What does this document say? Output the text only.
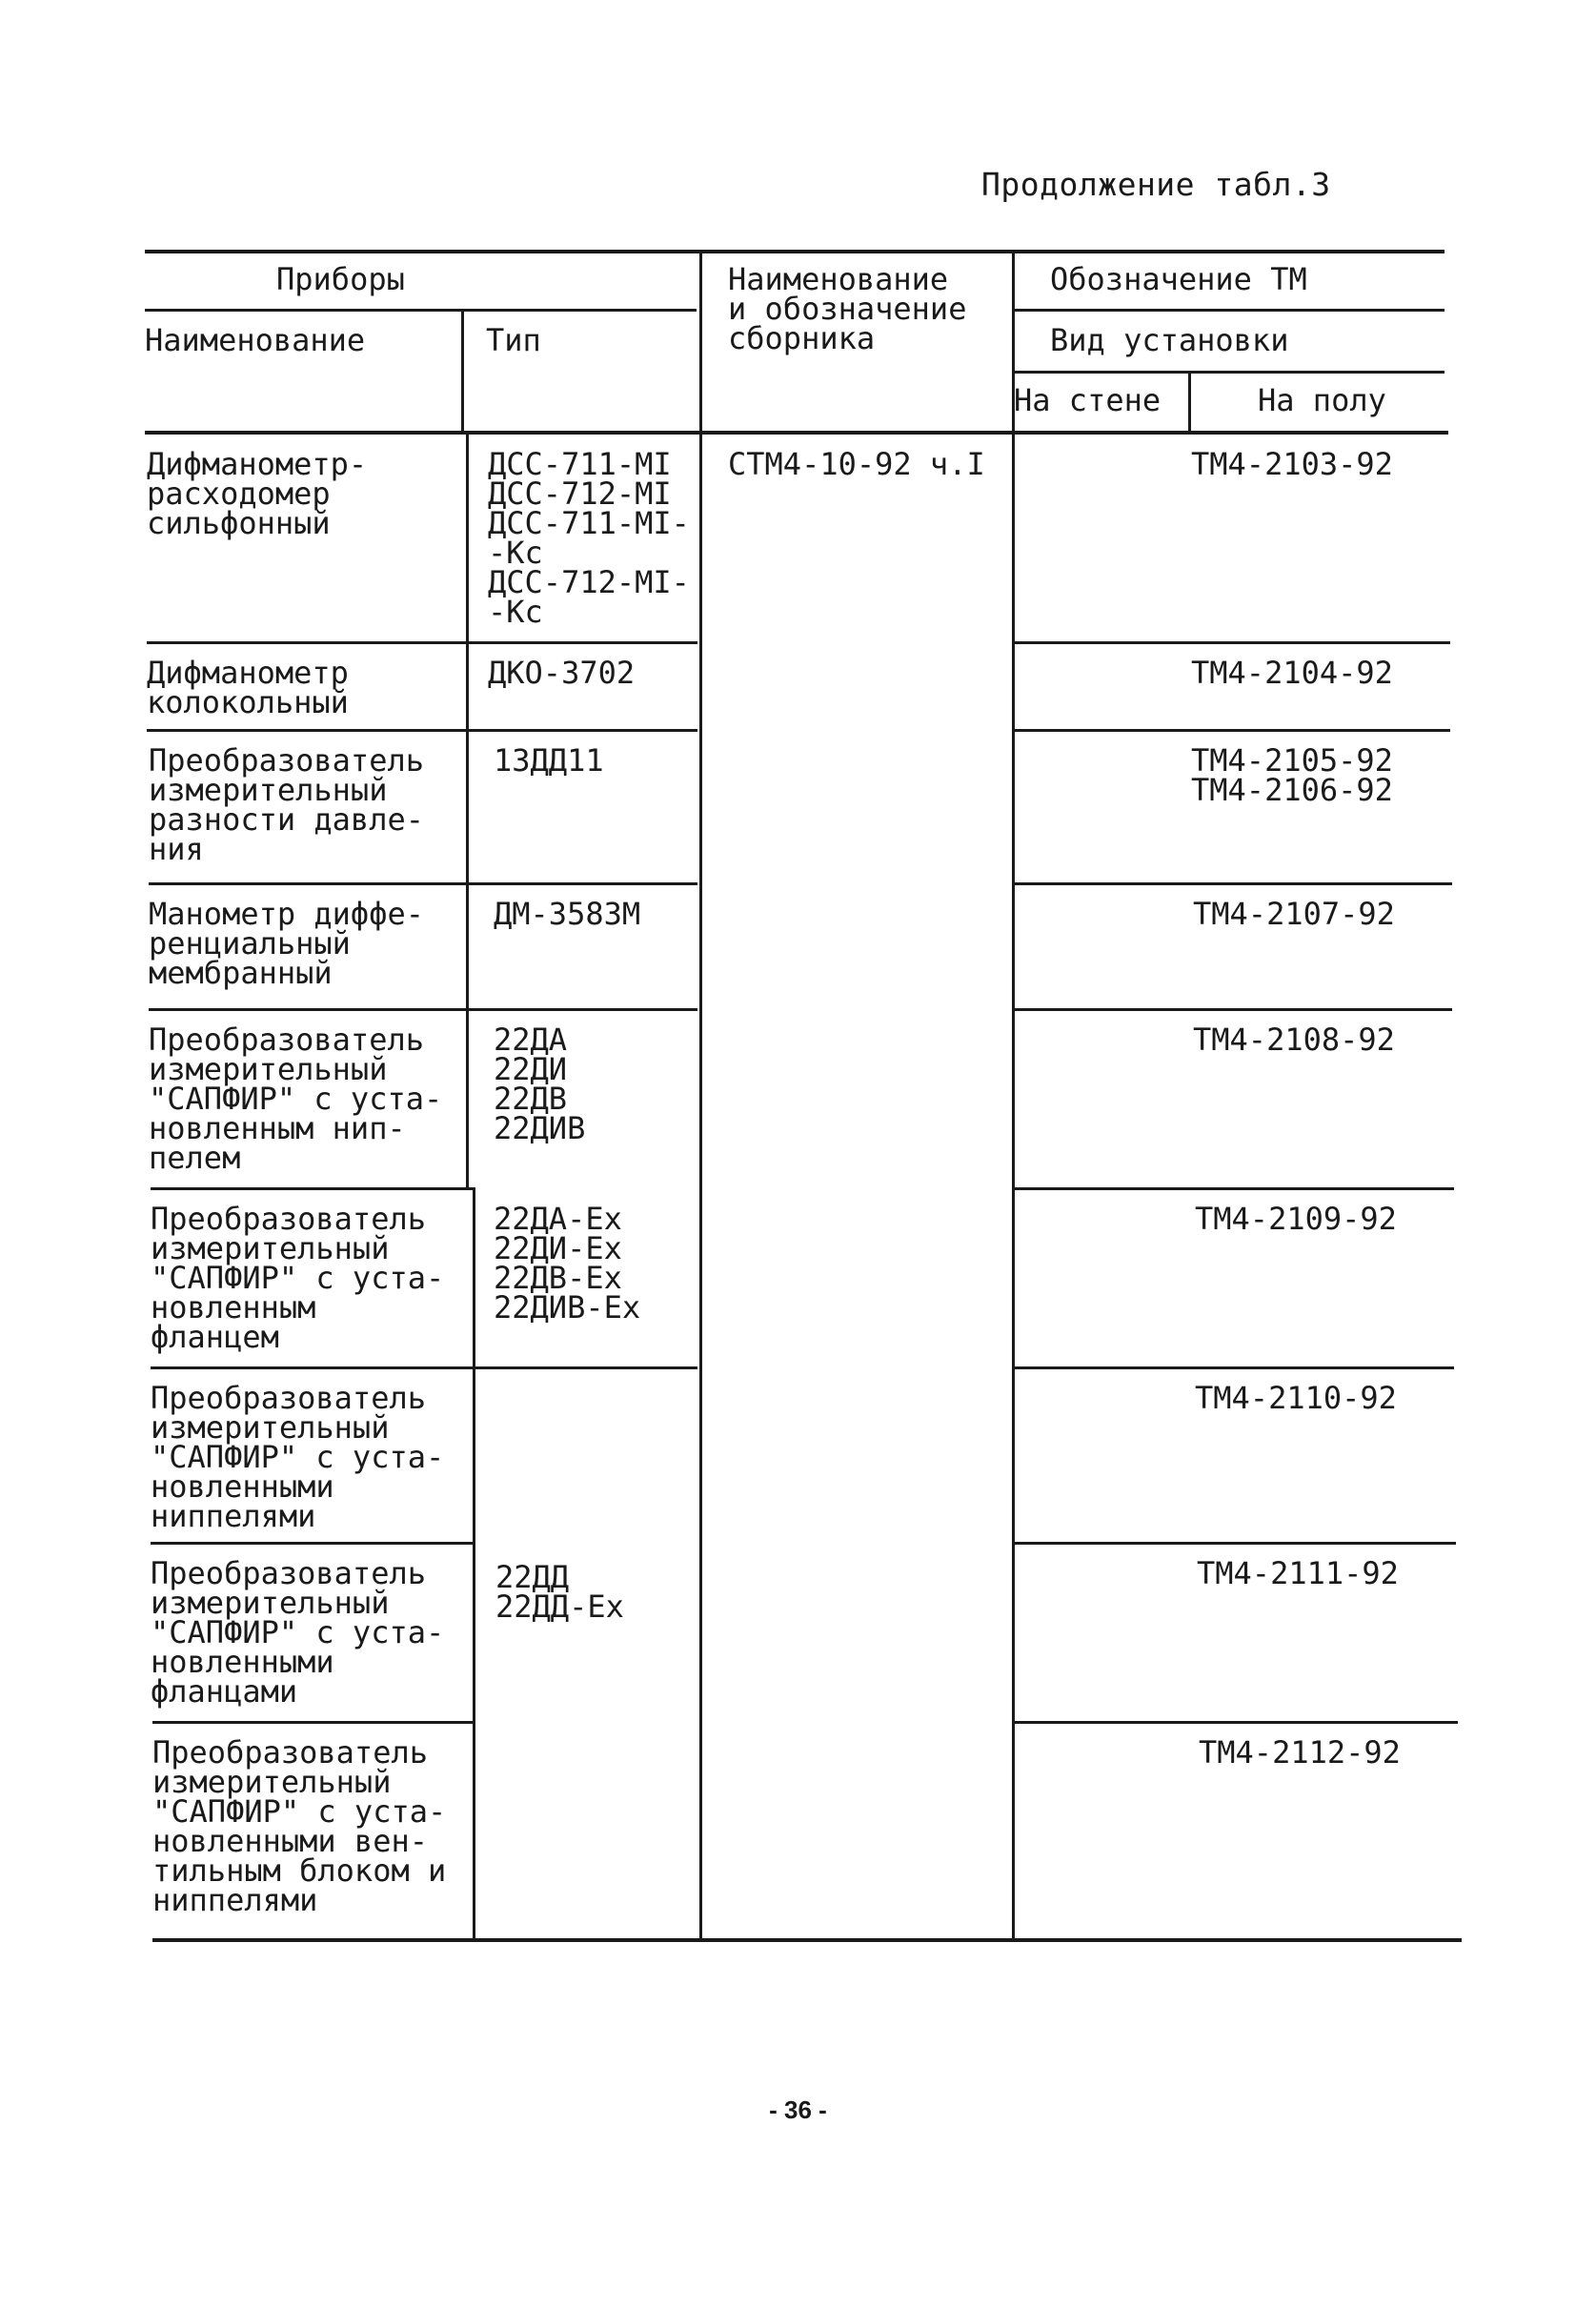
Продолжение табл.3
Приборы
Наименование	Тип
Наименование
и обозначение
сборника
Обозначение ТМ
Вид установки
На стене	На полу
СТМ4-10-92 ч.I
Дифманометр-
расходомер
сильфонный
Дифманометр
колокольный
Преобразователь
измерительный
разности давле-
ния
Манометр диффе-
ренциальный
мембранный
Преобразователь
измерительный
"САПФИР" с уста-
новленным нип-
пелем
Преобразователь
измерительный
"САПФИР" с уста-
новленным
фланцем
Преобразователь
измерительный
"САПФИР" с уста-
новленными
ниппелями
Преобразователь
измерительный
"САПФИР" с уста-
новленными
фланцами
Преобразователь
измерительный
"САПФИР" с уста-
новленными вен-
тильным блоком и
ниппелями
ДСС-711-MI
ДСС-712-MI
ДСС-711-MI-
-Кс
ДСС-712-MI-
-Кс
ДКО-3702
13ДД11
ДМ-3583М
22ДА
22ДИ
22ДВ
22ДИВ
22ДА-Ex
22ДИ-Ex
22ДВ-Ex
22ДИВ-Ex
22ДД
22ДД-Ex
ТМ4-2103-92
ТМ4-2104-92
ТМ4-2105-92
ТМ4-2106-92
ТМ4-2107-92
ТМ4-2108-92
ТМ4-2109-92
ТМ4-2110-92
ТМ4-2111-92
ТМ4-2112-92
- 36 -
